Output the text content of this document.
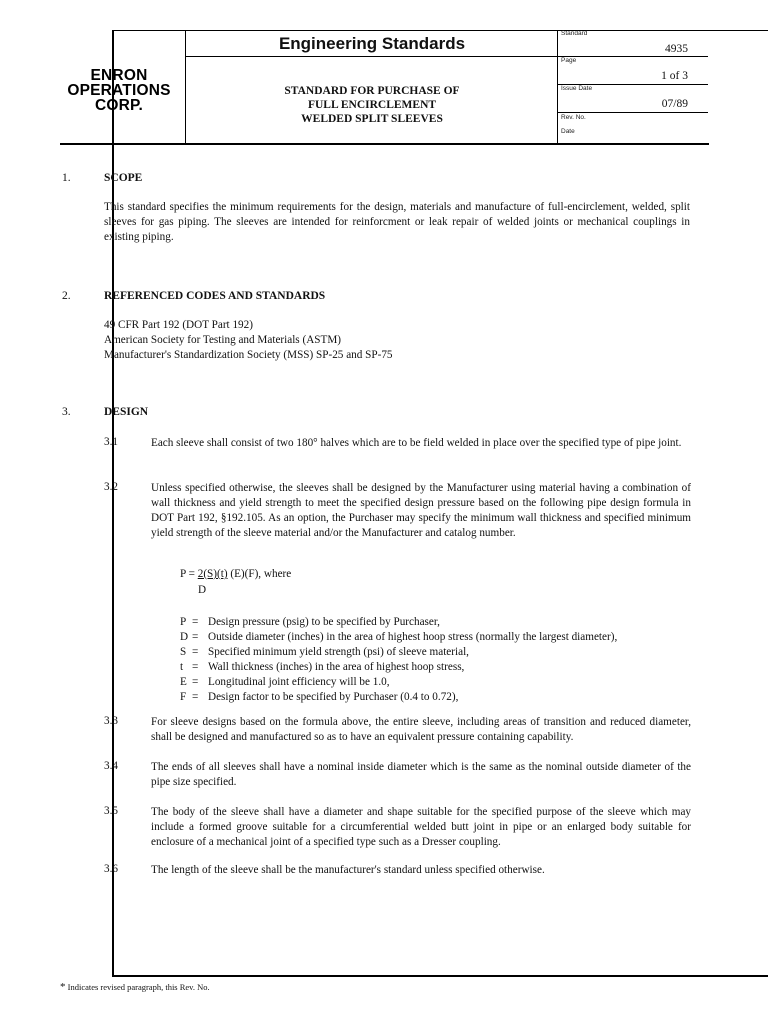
ENRON
OPERATIONS
CORP.
Engineering Standards
STANDARD FOR PURCHASE OF
FULL ENCIRCLEMENT
WELDED SPLIT SLEEVES
Standard
4935
Page
1 of 3
Issue Date
07/89
Rev. No.
Date
1.	SCOPE
This standard specifies the minimum requirements for the design, materials and manufacture of full-encirclement, welded, split sleeves for gas piping. The sleeves are intended for reinforcment or leak repair of welded joints or mechanical couplings in existing piping.
2.	REFERENCED CODES AND STANDARDS
49 CFR Part 192 (DOT Part 192)
American Society for Testing and Materials (ASTM)
Manufacturer's Standardization Society (MSS) SP-25 and SP-75
3.	DESIGN
3.1	Each sleeve shall consist of two 180° halves which are to be field welded in place over the specified type of pipe joint.
3.2	Unless specified otherwise, the sleeves shall be designed by the Manufacturer using material having a combination of wall thickness and yield strength to meet the specified design pressure based on the following pipe design formula in DOT Part 192, §192.105. As an option, the Purchaser may specify the minimum wall thickness and specified minimum yield strength of the sleeve material and/or the Manufacturer and catalog number.
P = 2(S)(t) (E)(F), where
D
P = Design pressure (psig) to be specified by Purchaser,
D = Outside diameter (inches) in the area of highest hoop stress (normally the largest diameter),
S = Specified minimum yield strength (psi) of sleeve material,
t = Wall thickness (inches) in the area of highest hoop stress,
E = Longitudinal joint efficiency will be 1.0,
F = Design factor to be specified by Purchaser (0.4 to 0.72),
3.3	For sleeve designs based on the formula above, the entire sleeve, including areas of transition and reduced diameter, shall be designed and manufactured so as to have an equivalent pressure containing capability.
3.4	The ends of all sleeves shall have a nominal inside diameter which is the same as the nominal outside diameter of the pipe size specified.
3.5	The body of the sleeve shall have a diameter and shape suitable for the specified purpose of the sleeve which may include a formed groove suitable for a circumferential welded butt joint in pipe or an enlarged body suitable for enclosure of a mechanical joint of a specified type such as a Dresser coupling.
3.6	The length of the sleeve shall be the manufacturer's standard unless specified otherwise.
* Indicates revised paragraph, this Rev. No.
